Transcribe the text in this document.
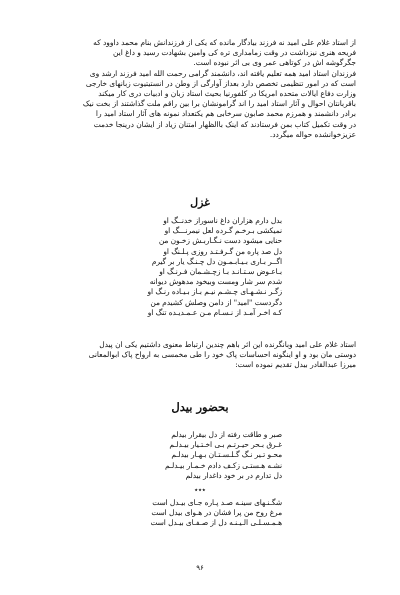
از استاد غلام علی امید نه فرزند بیادگار مانده که یکی از فرزندانش بنام محمد داوود که
فریحه هنری نیزداشت در وقت زمامداری تره کی وامین بشهادت رسید و داغ این
جگرگوشه اش در کوتاهی عمر وی بی اثر نبوده است.
فرزندان استاد امید همه تعلیم یافته اند، دانشمند گرامی رحمت الله امید فرزند ارشد وی
است که در امور تنظیمی تخصص دارد بعداز آوارگی از وطن در انستیتیوت زبانهای خارجی
وزارت دفاع ایالات متحده امریکا در کلفورنیا بحیث استاد زبان و ادبیات دری کار میکند
باقربانتان احوال و آثار استاد امید را اند گرامونشان برا بین راقم ملت گذاشتند از بخت نیک
برادر دانشمند و همرزم محمد صابون سرخابی هم یکتعداد نمونه های آثار استاد امید را
در وقت تکمیل کتاب بمن فرستادند که اینک باالظهار امتنان زیاد از ایشان درینجا خدمت
عزیزخوانشده حواله میگردد.
غزل
بدل دارم هزاران داغ ناسوراز خدنــگ او
نمیکشی بـرخـم گـرده لعل نیمرنـــگ او
حنایی میشود دست نـگـاربـش زخـون من
دل صد پاره من گـرفـتـد روزی پـلـنگ او
اگــر بـاری بـیـابـمـون دل چـنـگ یار بر گیرم
بـاعـوض سـتـانـد بـا زچـشـمان فـرنـگ او
شدم سر شار ومست وبیخود مدهوش دیوانه
زگـر نـشـهـای چـشـم نیـم بـاز بـیـاده رنـگ او
دگردست "امید" از دامن وصلش کشیدم من
کـه اخـر آمـد از نـسـام مـن عـمـدیـده تنگ او
استاد غلام علی امید وبانگرنده این اثر باهم چندین ارتباط معنوی داشتیم یکی ان پیدل
دوستی مان بود و او اینگونه احساسات پاک خود را طی مخمسی به ارواح پاک ابوالمعانی
میرزا عبدالقادر بیدل تقدیم نموده است:
بحضور بیدل
صبر و طاقت رفته از دل بیقرار بیدلم
غـرق بـحر حیـرتـم بـی اخـتـیار بیـدلـم
محـو تـیر نـگ گـلـسـتـان بـهـار بیدلـم
نشـه هـستـی زکـف دادم خـمـار بیـدلـم
دل تدارم در بر خود داغدار بیدلم
٭٭٭
شگـنـهای سینـه صـد پـاره جـای بیـدل است
مرغ روح من پرا فشان در هـوای بیدل است
هـمـسـلـی الـیـنـه دل از صـفـای بیـدل است
۹۶
